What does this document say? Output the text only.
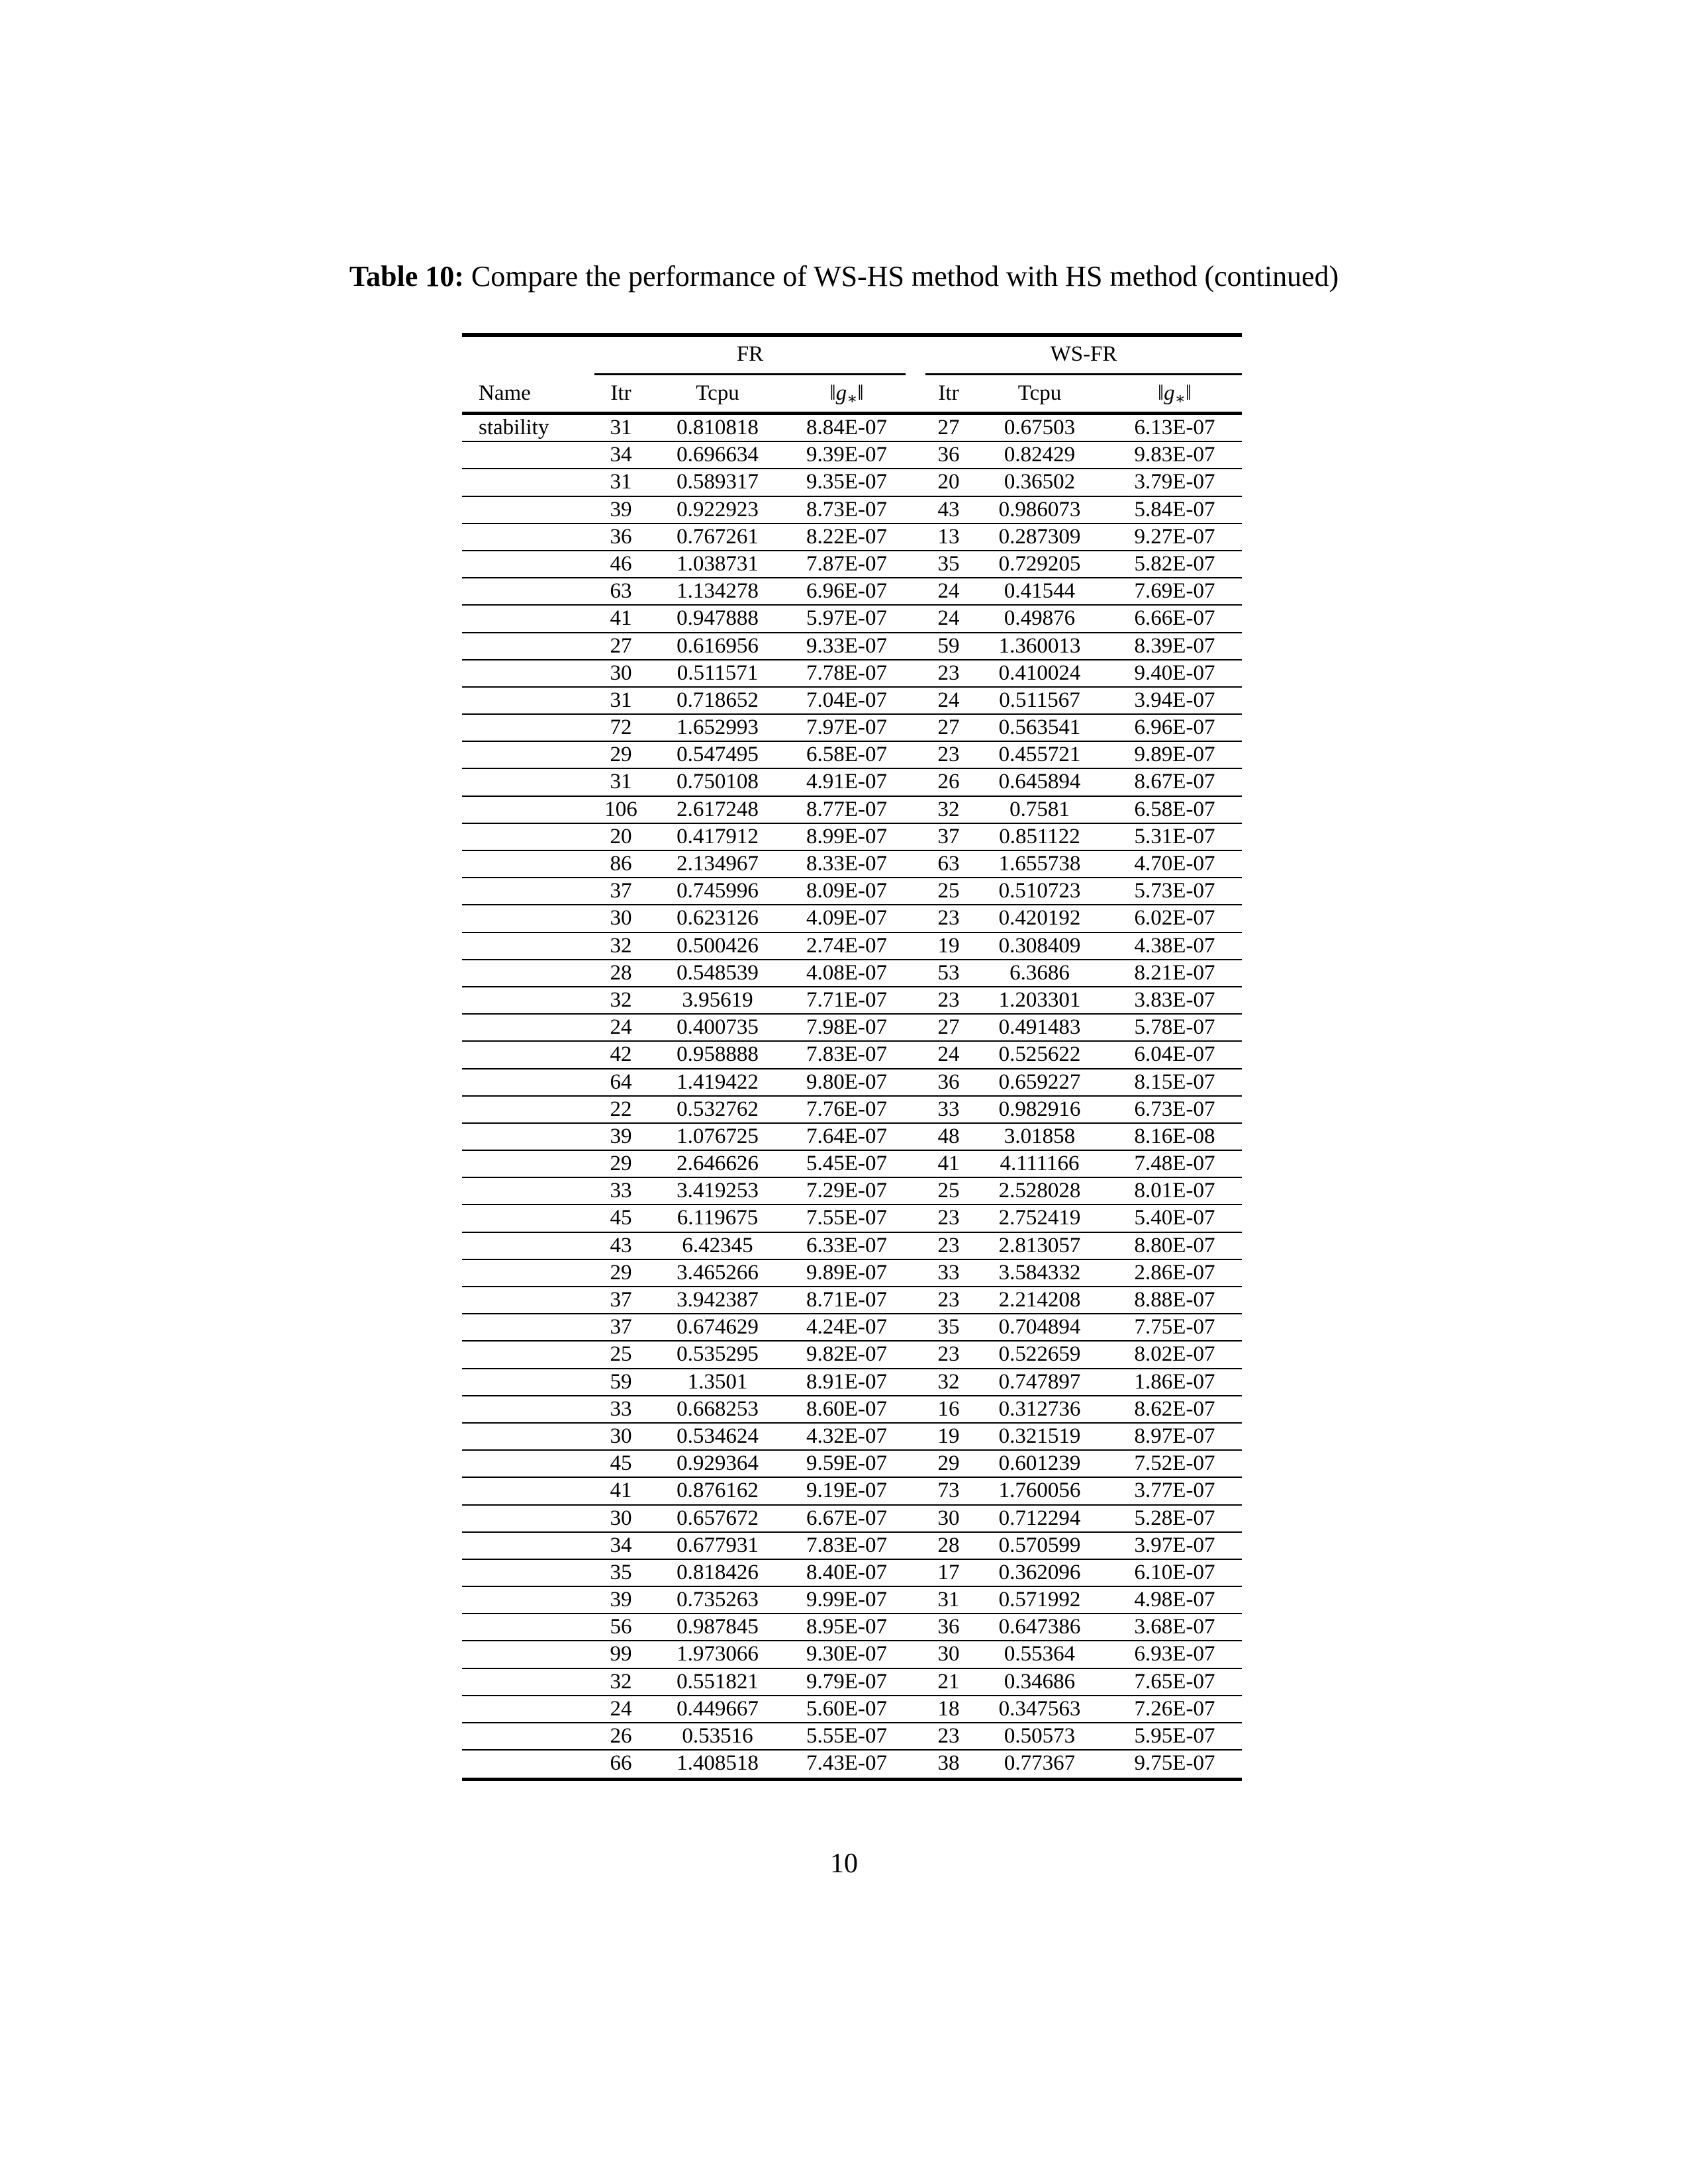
Table 10: Compare the performance of WS-HS method with HS method (continued)
FR	WS-FR
Name	Itr	Tcpu	$‖g_∗‖$	Itr	Tcpu	$‖g_∗‖$
stability	31	0.810818	8.84E-07	27	0.67503	6.13E-07
34	0.696634	9.39E-07	36	0.82429	9.83E-07
31	0.589317	9.35E-07	20	0.36502	3.79E-07
39	0.922923	8.73E-07	43	0.986073	5.84E-07
36	0.767261	8.22E-07	13	0.287309	9.27E-07
46	1.038731	7.87E-07	35	0.729205	5.82E-07
63	1.134278	6.96E-07	24	0.41544	7.69E-07
41	0.947888	5.97E-07	24	0.49876	6.66E-07
27	0.616956	9.33E-07	59	1.360013	8.39E-07
30	0.511571	7.78E-07	23	0.410024	9.40E-07
31	0.718652	7.04E-07	24	0.511567	3.94E-07
72	1.652993	7.97E-07	27	0.563541	6.96E-07
29	0.547495	6.58E-07	23	0.455721	9.89E-07
31	0.750108	4.91E-07	26	0.645894	8.67E-07
106	2.617248	8.77E-07	32	0.7581	6.58E-07
20	0.417912	8.99E-07	37	0.851122	5.31E-07
86	2.134967	8.33E-07	63	1.655738	4.70E-07
37	0.745996	8.09E-07	25	0.510723	5.73E-07
30	0.623126	4.09E-07	23	0.420192	6.02E-07
32	0.500426	2.74E-07	19	0.308409	4.38E-07
28	0.548539	4.08E-07	53	6.3686	8.21E-07
32	3.95619	7.71E-07	23	1.203301	3.83E-07
24	0.400735	7.98E-07	27	0.491483	5.78E-07
42	0.958888	7.83E-07	24	0.525622	6.04E-07
64	1.419422	9.80E-07	36	0.659227	8.15E-07
22	0.532762	7.76E-07	33	0.982916	6.73E-07
39	1.076725	7.64E-07	48	3.01858	8.16E-08
29	2.646626	5.45E-07	41	4.111166	7.48E-07
33	3.419253	7.29E-07	25	2.528028	8.01E-07
45	6.119675	7.55E-07	23	2.752419	5.40E-07
43	6.42345	6.33E-07	23	2.813057	8.80E-07
29	3.465266	9.89E-07	33	3.584332	2.86E-07
37	3.942387	8.71E-07	23	2.214208	8.88E-07
37	0.674629	4.24E-07	35	0.704894	7.75E-07
25	0.535295	9.82E-07	23	0.522659	8.02E-07
59	1.3501	8.91E-07	32	0.747897	1.86E-07
33	0.668253	8.60E-07	16	0.312736	8.62E-07
30	0.534624	4.32E-07	19	0.321519	8.97E-07
45	0.929364	9.59E-07	29	0.601239	7.52E-07
41	0.876162	9.19E-07	73	1.760056	3.77E-07
30	0.657672	6.67E-07	30	0.712294	5.28E-07
34	0.677931	7.83E-07	28	0.570599	3.97E-07
35	0.818426	8.40E-07	17	0.362096	6.10E-07
39	0.735263	9.99E-07	31	0.571992	4.98E-07
56	0.987845	8.95E-07	36	0.647386	3.68E-07
99	1.973066	9.30E-07	30	0.55364	6.93E-07
32	0.551821	9.79E-07	21	0.34686	7.65E-07
24	0.449667	5.60E-07	18	0.347563	7.26E-07
26	0.53516	5.55E-07	23	0.50573	5.95E-07
66	1.408518	7.43E-07	38	0.77367	9.75E-07
10
